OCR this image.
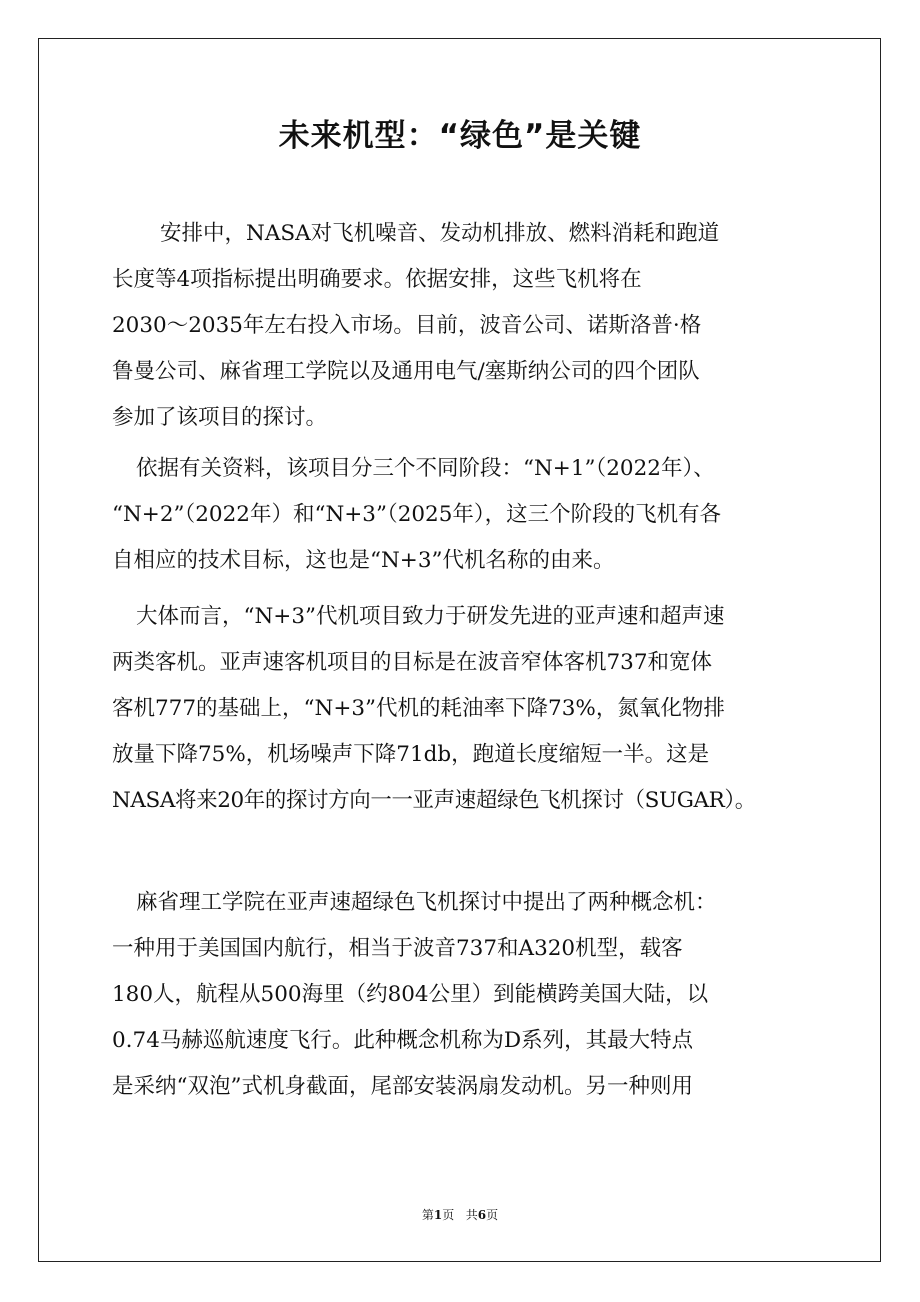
未来机型：“绿色”是关键
安排中，NASA对飞机噪音、发动机排放、燃料消耗和跑道
长度等4项指标提出明确要求。依据安排，这些飞机将在
2030～2035年左右投入市场。目前，波音公司、诺斯洛普·格
鲁曼公司、麻省理工学院以及通用电气/塞斯纳公司的四个团队
参加了该项目的探讨。
依据有关资料，该项目分三个不同阶段：“N+1”（2022年）、
“N+2”（2022年）和“N+3”（2025年），这三个阶段的飞机有各
自相应的技术目标，这也是“N+3”代机名称的由来。
大体而言，“N+3”代机项目致力于研发先进的亚声速和超声速
两类客机。亚声速客机项目的目标是在波音窄体客机737和宽体
客机777的基础上，“N+3”代机的耗油率下降73%，氮氧化物排
放量下降75%，机场噪声下降71db，跑道长度缩短一半。这是
NASA将来20年的探讨方向一一亚声速超绿色飞机探讨（SUGAR）。
麻省理工学院在亚声速超绿色飞机探讨中提出了两种概念机：
一种用于美国国内航行，相当于波音737和A320机型，载客
180人，航程从500海里（约804公里）到能横跨美国大陆，以
0.74马赫巡航速度飞行。此种概念机称为D系列，其最大特点
是采纳“双泡”式机身截面，尾部安装涡扇发动机。另一种则用
第1页   共6页
